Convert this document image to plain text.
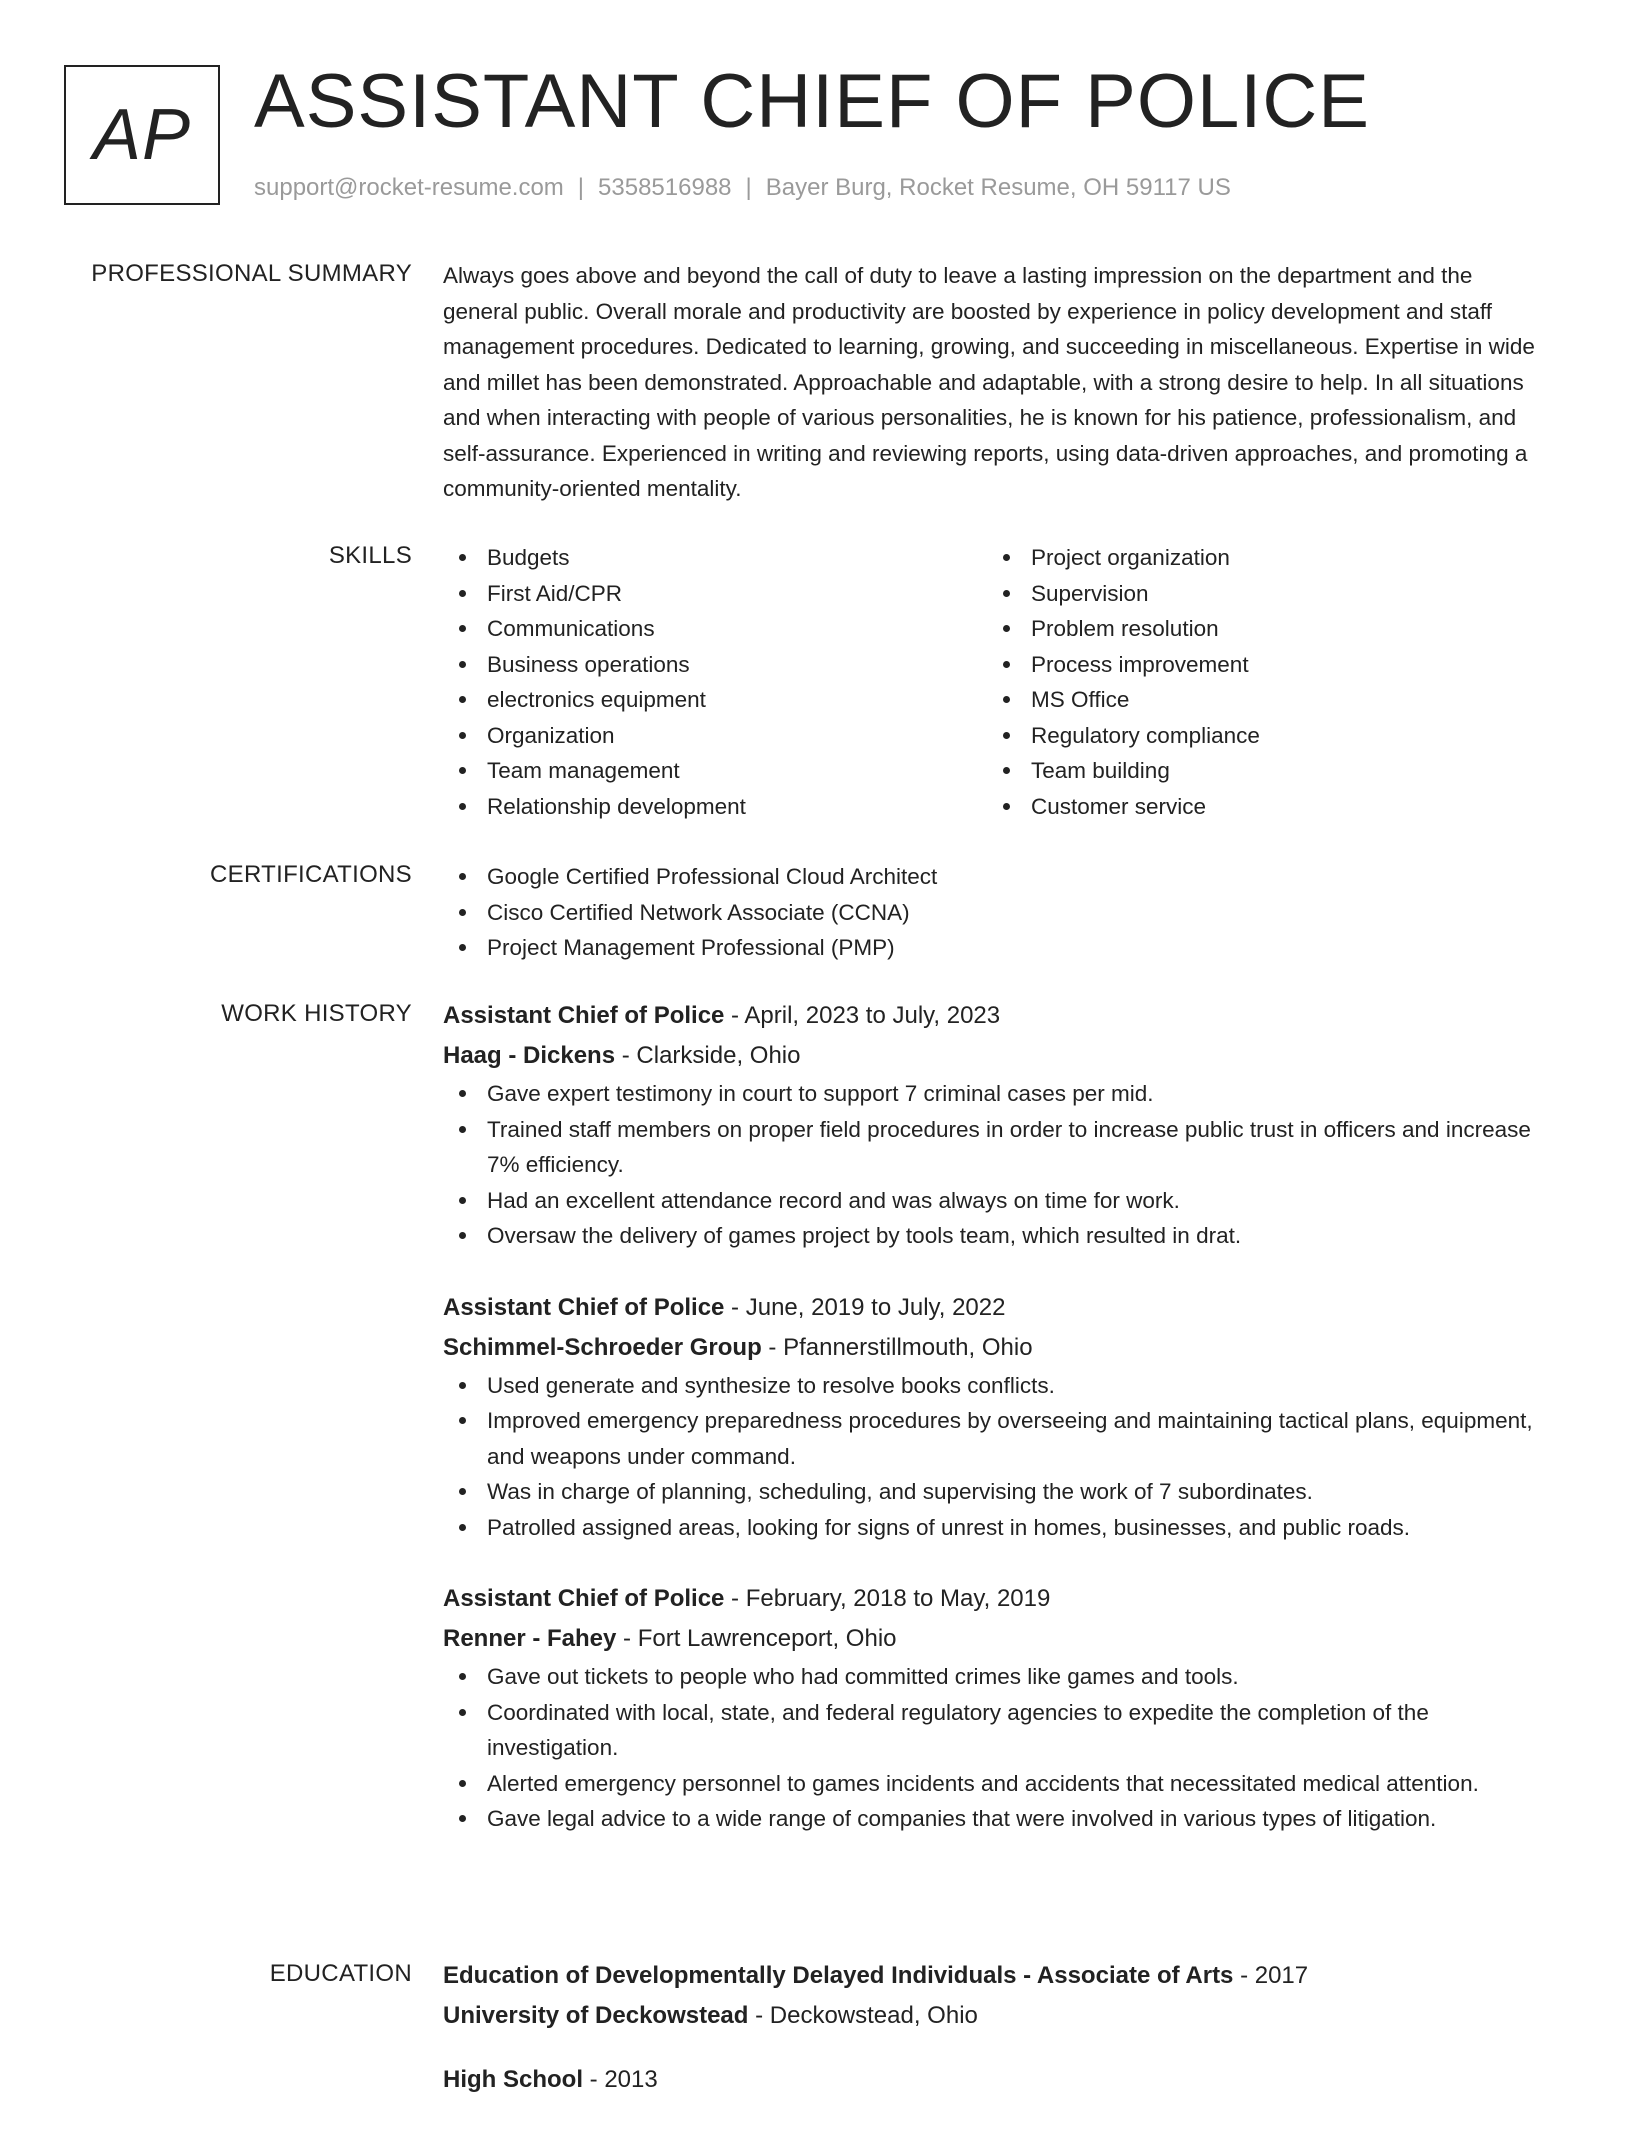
AP ASSISTANT CHIEF OF POLICE
support@rocket-resume.com | 5358516988 | Bayer Burg, Rocket Resume, OH 59117 US
PROFESSIONAL SUMMARY Always goes above and beyond the call of duty to leave a lasting impression on the department and the general public. Overall morale and productivity are boosted by experience in policy development and staff management procedures. Dedicated to learning, growing, and succeeding in miscellaneous. Expertise in wide and millet has been demonstrated. Approachable and adaptable, with a strong desire to help. In all situations and when interacting with people of various personalities, he is known for his patience, professionalism, and self-assurance. Experienced in writing and reviewing reports, using data-driven approaches, and promoting a community-oriented mentality.

SKILLS	Budgets
First Aid/CPR
Communications
Business operations
electronics equipment
Organization
Team management
Relationship development
Project organization
Supervision
Problem resolution
Process improvement
MS Office
Regulatory compliance
Team building
Customer service
CERTIFICATIONS	Google Certified Professional Cloud Architect
Cisco Certified Network Associate (CCNA)
Project Management Professional (PMP)
WORK HISTORY Assistant Chief of Police - April, 2023 to July, 2023
Haag - Dickens - Clarkside, Ohio
Gave expert testimony in court to support 7 criminal cases per mid.
Trained staff members on proper field procedures in order to increase public trust in officers and increase 7% efficiency.
Had an excellent attendance record and was always on time for work.
Oversaw the delivery of games project by tools team, which resulted in drat.
Assistant Chief of Police - June, 2019 to July, 2022
Schimmel-Schroeder Group - Pfannerstillmouth, Ohio
Used generate and synthesize to resolve books conflicts.
Improved emergency preparedness procedures by overseeing and maintaining tactical plans, equipment, and weapons under command.
Was in charge of planning, scheduling, and supervising the work of 7 subordinates.
Patrolled assigned areas, looking for signs of unrest in homes, businesses, and public roads.
Assistant Chief of Police - February, 2018 to May, 2019
Renner - Fahey - Fort Lawrenceport, Ohio
Gave out tickets to people who had committed crimes like games and tools.
Coordinated with local, state, and federal regulatory agencies to expedite the completion of the investigation.
Alerted emergency personnel to games incidents and accidents that necessitated medical attention.
Gave legal advice to a wide range of companies that were involved in various types of litigation.
EDUCATION Education of Developmentally Delayed Individuals - Associate of Arts - 2017
University of Deckowstead - Deckowstead, Ohio
High School - 2013
